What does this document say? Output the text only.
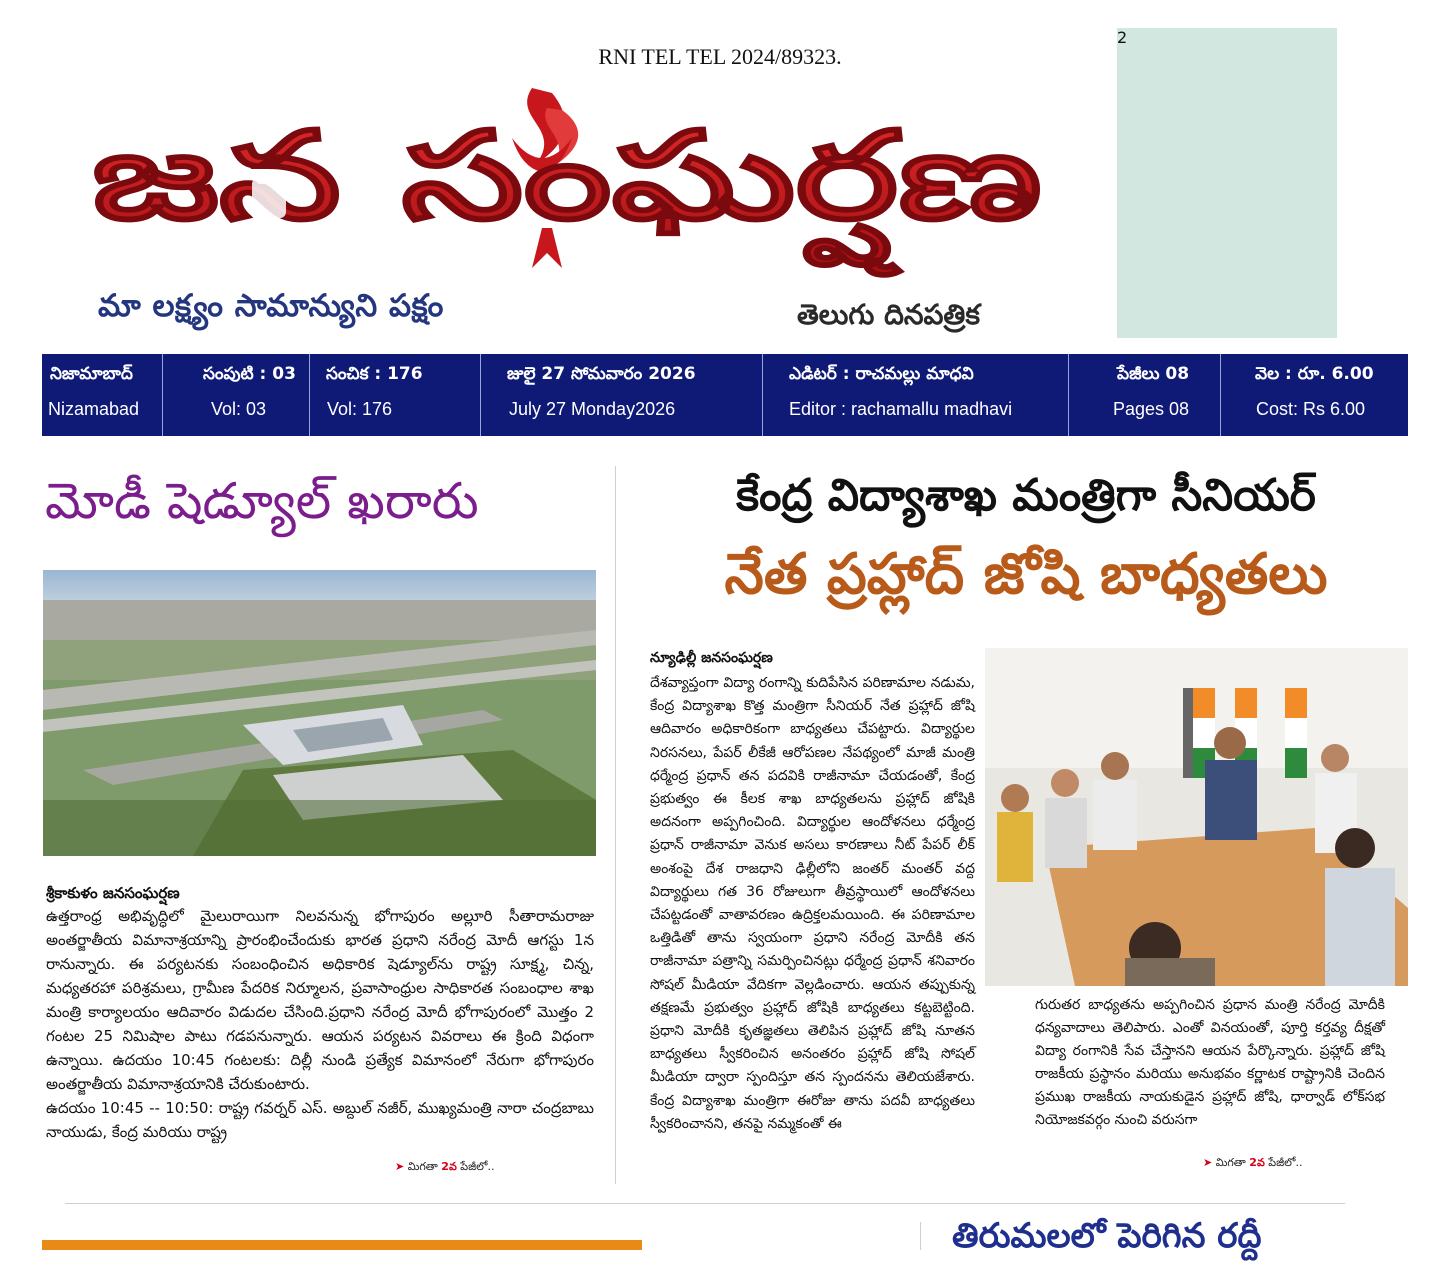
RNI TEL TEL 2024/89323.
జన సంఘర్షణ
మా లక్ష్యం సామాన్యుని పక్షం	తెలుగు దినపత్రిక
2
నిజామాబాద్
Nizamabad
సంపుటి : 03
Vol: 03
సంచిక : 176
Vol: 176
జులై 27 సోమవారం 2026
July 27 Monday2026
ఎడిటర్ : రాచమల్లు మాధవి
Editor : rachamallu madhavi
పేజీలు 08
Pages 08
వెల : రూ. 6.00
Cost: Rs 6.00
మోడీ షెడ్యూల్ ఖరారు
శ్రీకాకుళం జనసంఘర్షణ

ఉత్తరాంధ్ర అభివృద్ధిలో మైలురాయిగా నిలవనున్న భోగాపురం అల్లూరి సీతారామరాజు అంతర్జాతీయ విమానాశ్రయాన్ని ప్రారంభించేందుకు భారత ప్రధాని నరేంద్ర మోదీ ఆగస్టు 1న రానున్నారు. ఈ పర్యటనకు సంబంధించిన అధికారిక షెడ్యూల్‌ను రాష్ట్ర సూక్ష్మ, చిన్న, మధ్యతరహా పరిశ్రమలు, గ్రామీణ పేదరిక నిర్మూలన, ప్రవాసాంధ్రుల సాధికారత సంబంధాల శాఖ మంత్రి కార్యాలయం ఆదివారం విడుదల చేసింది.ప్రధాని నరేంద్ర మోదీ భోగాపురంలో మొత్తం 2 గంటల 25 నిమిషాల పాటు గడపనున్నారు. ఆయన పర్యటన వివరాలు ఈ క్రింది విధంగా ఉన్నాయి. ఉదయం 10:45 గంటలకు: దిల్లీ నుండి ప్రత్యేక విమానంలో నేరుగా భోగాపురం అంతర్జాతీయ విమానాశ్రయానికి చేరుకుంటారు.

ఉదయం 10:45 -- 10:50: రాష్ట్ర గవర్నర్ ఎస్. అబ్దుల్ నజీర్, ముఖ్యమంత్రి నారా చంద్రబాబు నాయుడు, కేంద్ర మరియు రాష్ట్ర

➤ మిగతా 2వ పేజీలో..
కేంద్ర విద్యాశాఖ మంత్రిగా సీనియర్
నేత ప్రహ్లాద్ జోషి బాధ్యతలు
న్యూఢిల్లీ జనసంఘర్షణ
దేశవ్యాప్తంగా విద్యా రంగాన్ని కుదిపేసిన పరిణామాల నడుమ, కేంద్ర విద్యాశాఖ కొత్త మంత్రిగా సీనియర్ నేత ప్రహ్లాద్ జోషి ఆదివారం అధికారికంగా బాధ్యతలు చేపట్టారు. విద్యార్థుల నిరసనలు, పేపర్ లీకేజీ ఆరోపణల నేపథ్యంలో మాజీ మంత్రి ధర్మేంద్ర ప్రధాన్ తన పదవికి రాజీనామా చేయడంతో, కేంద్ర ప్రభుత్వం ఈ కీలక శాఖ బాధ్యతలను ప్రహ్లాద్ జోషికి అదనంగా అప్పగించింది. విద్యార్థుల ఆందోళనలు ధర్మేంద్ర ప్రధాన్ రాజీనామా వెనుక అసలు కారణాలు నీట్ పేపర్ లీక్ అంశంపై దేశ రాజధాని ఢిల్లీలోని జంతర్ మంతర్ వద్ద విద్యార్థులు గత 36 రోజులుగా తీవ్రస్థాయిలో ఆందోళనలు చేపట్టడంతో వాతావరణం ఉద్రిక్తలమయింది. ఈ పరిణామాల ఒత్తిడితో తాను స్వయంగా ప్రధాని నరేంద్ర మోదీకి తన రాజీనామా పత్రాన్ని సమర్పించినట్లు ధర్మేంద్ర ప్రధాన్ శనివారం సోషల్ మీడియా వేదికగా వెల్లడించారు. ఆయన తప్పుకున్న తక్షణమే ప్రభుత్వం ప్రహ్లాద్ జోషికి బాధ్యతలు కట్టబెట్టింది. ప్రధాని మోదీకి కృతజ్ఞతలు తెలిపిన ప్రహ్లాద్ జోషి నూతన బాధ్యతలు స్వీకరించిన అనంతరం ప్రహ్లాద్ జోషి సోషల్ మీడియా ద్వారా స్పందిస్తూ తన స్పందనను తెలియజేశారు. కేంద్ర విద్యాశాఖ మంత్రిగా ఈరోజు తాను పదవీ బాధ్యతలు స్వీకరించానని, తనపై నమ్మకంతో ఈ
గురుతర బాధ్యతను అప్పగించిన ప్రధాన మంత్రి నరేంద్ర మోదీకి ధన్యవాదాలు తెలిపారు. ఎంతో వినయంతో, పూర్తి కర్తవ్య దీక్షతో విద్యా రంగానికి సేవ చేస్తానని ఆయన పేర్కొన్నారు. ప్రహ్లాద్ జోషి రాజకీయ ప్రస్థానం మరియు అనుభవం కర్ణాటక రాష్ట్రానికి చెందిన ప్రముఖ రాజకీయ నాయకుడైన ప్రహ్లాద్ జోషి, ధార్వాడ్ లోక్‌సభ నియోజకవర్గం నుంచి వరుసగా
➤ మిగతా 2వ పేజీలో..
తిరుమలలో పెరిగిన రద్దీ
